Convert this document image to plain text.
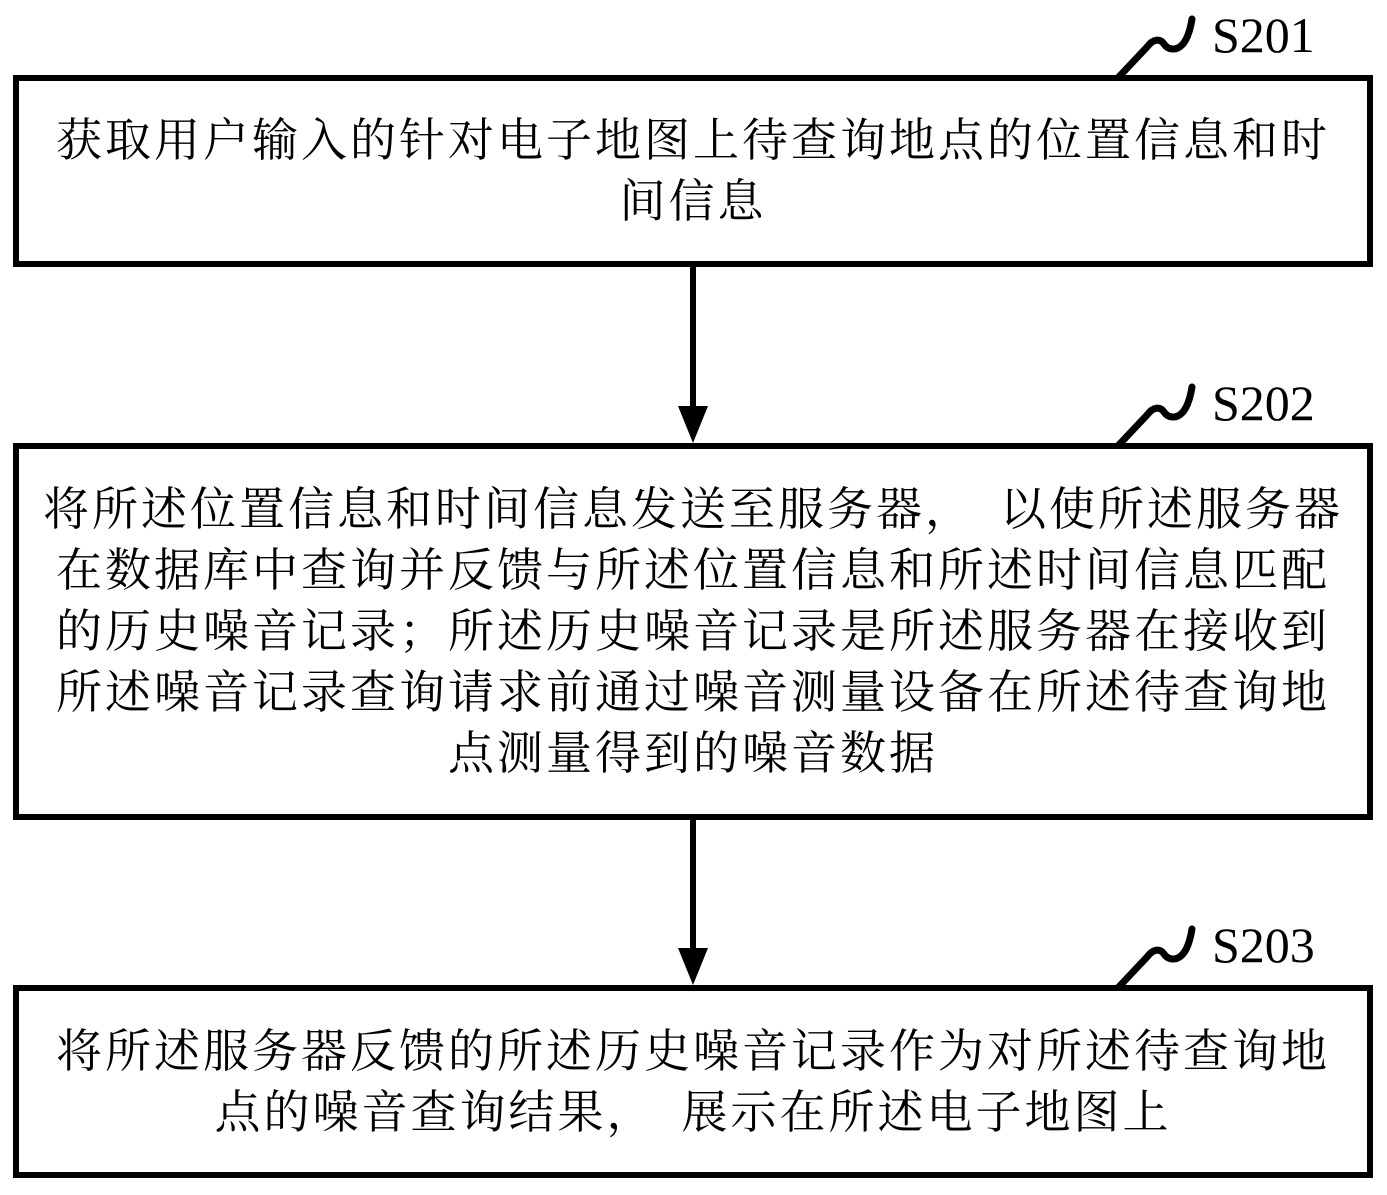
S201
获取用户输入的针对电子地图上待查询地点的位置信息和时
间信息
S202
将所述位置信息和时间信息发送至服务器， 以使所述服务器
在数据库中查询并反馈与所述位置信息和所述时间信息匹配
的历史噪音记录；所述历史噪音记录是所述服务器在接收到
所述噪音记录查询请求前通过噪音测量设备在所述待查询地
点测量得到的噪音数据
S203
将所述服务器反馈的所述历史噪音记录作为对所述待查询地
点的噪音查询结果， 展示在所述电子地图上
